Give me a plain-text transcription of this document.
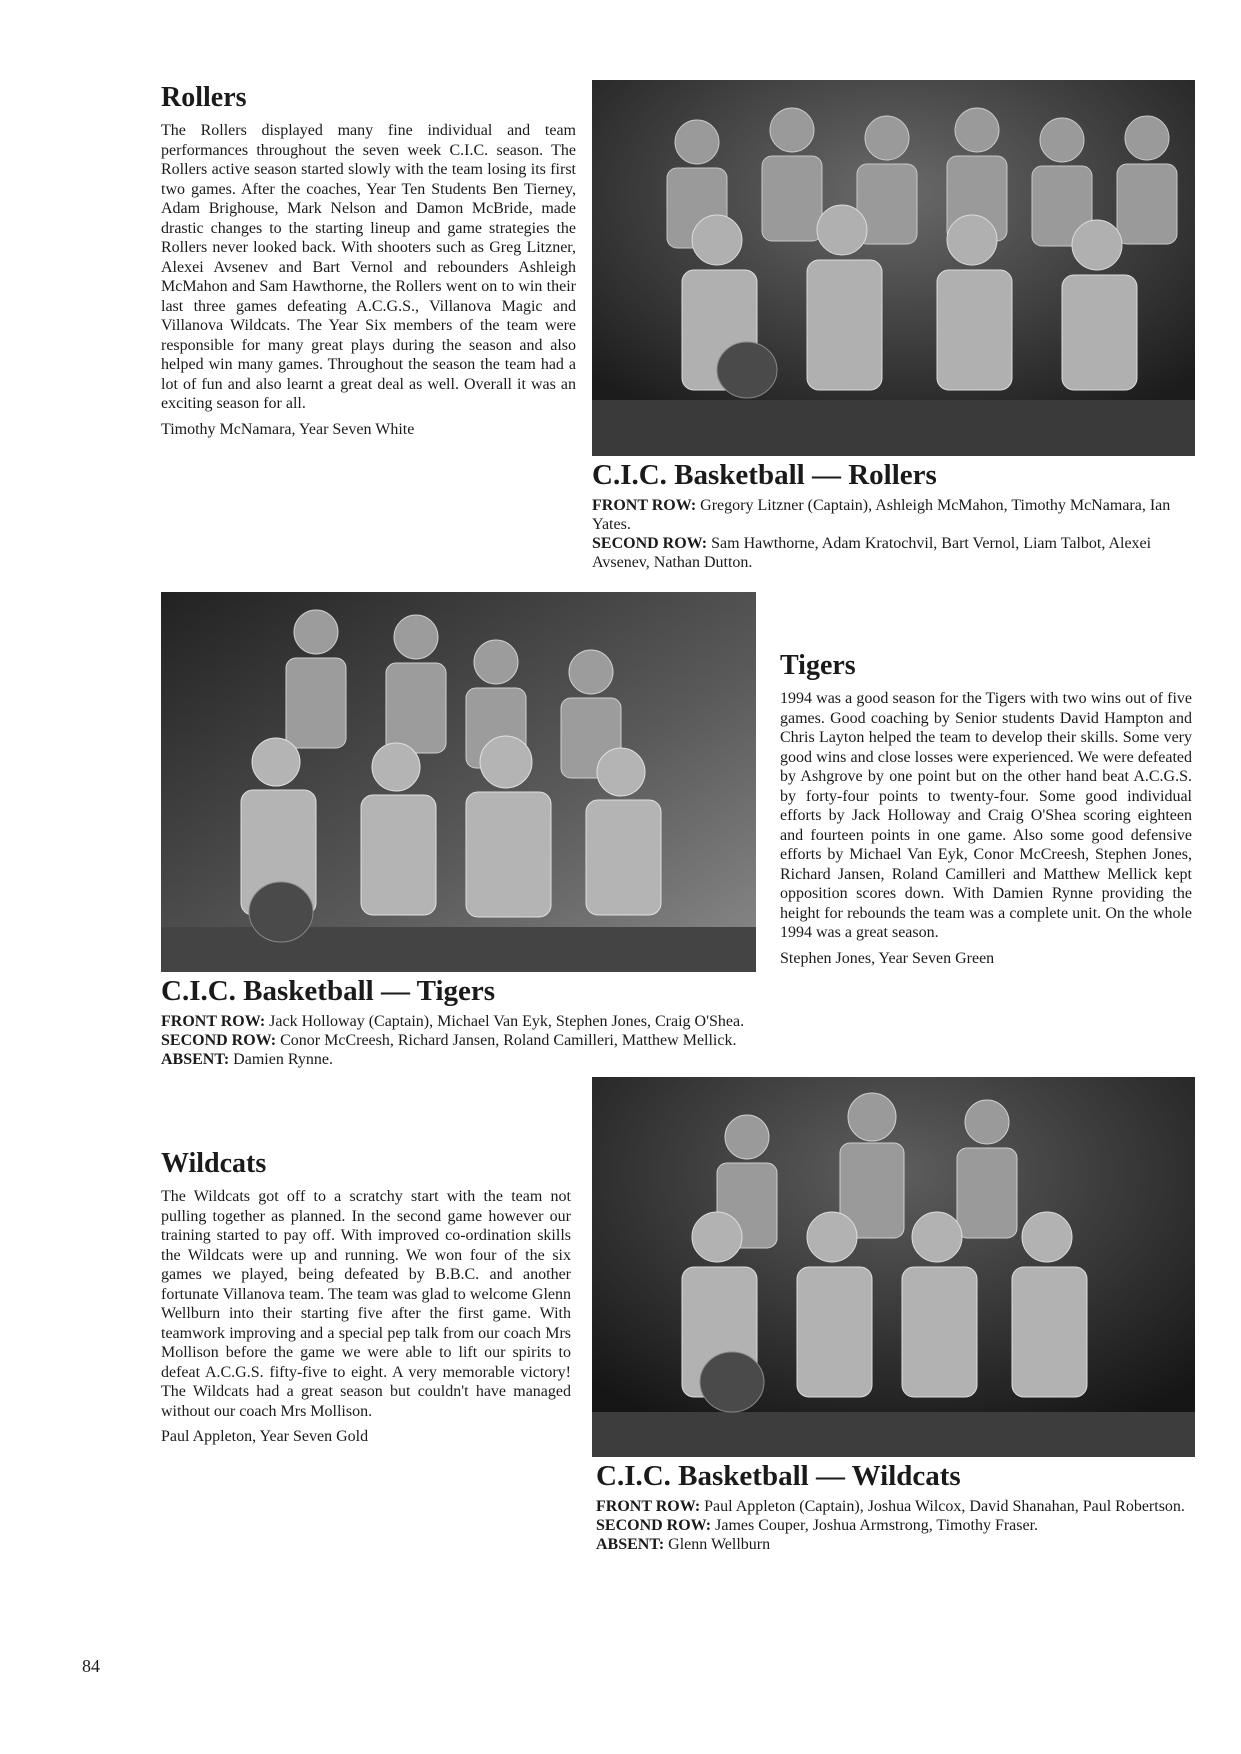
Rollers

The Rollers displayed many fine individual and team performances throughout the seven week C.I.C. season. The Rollers active season started slowly with the team losing its first two games. After the coaches, Year Ten Students Ben Tierney, Adam Brighouse, Mark Nelson and Damon McBride, made drastic changes to the starting lineup and game strategies the Rollers never looked back. With shooters such as Greg Litzner, Alexei Avsenev and Bart Vernol and rebounders Ashleigh McMahon and Sam Hawthorne, the Rollers went on to win their last three games defeating A.C.G.S., Villanova Magic and Villanova Wildcats. The Year Six members of the team were responsible for many great plays during the season and also helped win many games. Throughout the season the team had a lot of fun and also learnt a great deal as well. Overall it was an exciting season for all.

Timothy McNamara, Year Seven White

C.I.C. Basketball — Rollers

FRONT ROW: Gregory Litzner (Captain), Ashleigh McMahon, Timothy McNamara, Ian Yates.

SECOND ROW: Sam Hawthorne, Adam Kratochvil, Bart Vernol, Liam Talbot, Alexei Avsenev, Nathan Dutton.

C.I.C. Basketball — Tigers

FRONT ROW: Jack Holloway (Captain), Michael Van Eyk, Stephen Jones, Craig O'Shea.

SECOND ROW: Conor McCreesh, Richard Jansen, Roland Camilleri, Matthew Mellick.

ABSENT: Damien Rynne.

Tigers

1994 was a good season for the Tigers with two wins out of five games. Good coaching by Senior students David Hampton and Chris Layton helped the team to develop their skills. Some very good wins and close losses were experienced. We were defeated by Ashgrove by one point but on the other hand beat A.C.G.S. by forty-four points to twenty-four. Some good individual efforts by Jack Holloway and Craig O'Shea scoring eighteen and fourteen points in one game. Also some good defensive efforts by Michael Van Eyk, Conor McCreesh, Stephen Jones, Richard Jansen, Roland Camilleri and Matthew Mellick kept opposition scores down. With Damien Rynne providing the height for rebounds the team was a complete unit. On the whole 1994 was a great season.

Stephen Jones, Year Seven Green

Wildcats

The Wildcats got off to a scratchy start with the team not pulling together as planned. In the second game however our training started to pay off. With improved co-ordination skills the Wildcats were up and running. We won four of the six games we played, being defeated by B.B.C. and another fortunate Villanova team. The team was glad to welcome Glenn Wellburn into their starting five after the first game. With teamwork improving and a special pep talk from our coach Mrs Mollison before the game we were able to lift our spirits to defeat A.C.G.S. fifty-five to eight. A very memorable victory! The Wildcats had a great season but couldn't have managed without our coach Mrs Mollison.

Paul Appleton, Year Seven Gold

C.I.C. Basketball — Wildcats

FRONT ROW: Paul Appleton (Captain), Joshua Wilcox, David Shanahan, Paul Robertson.

SECOND ROW: James Couper, Joshua Armstrong, Timothy Fraser.

ABSENT: Glenn Wellburn

84
